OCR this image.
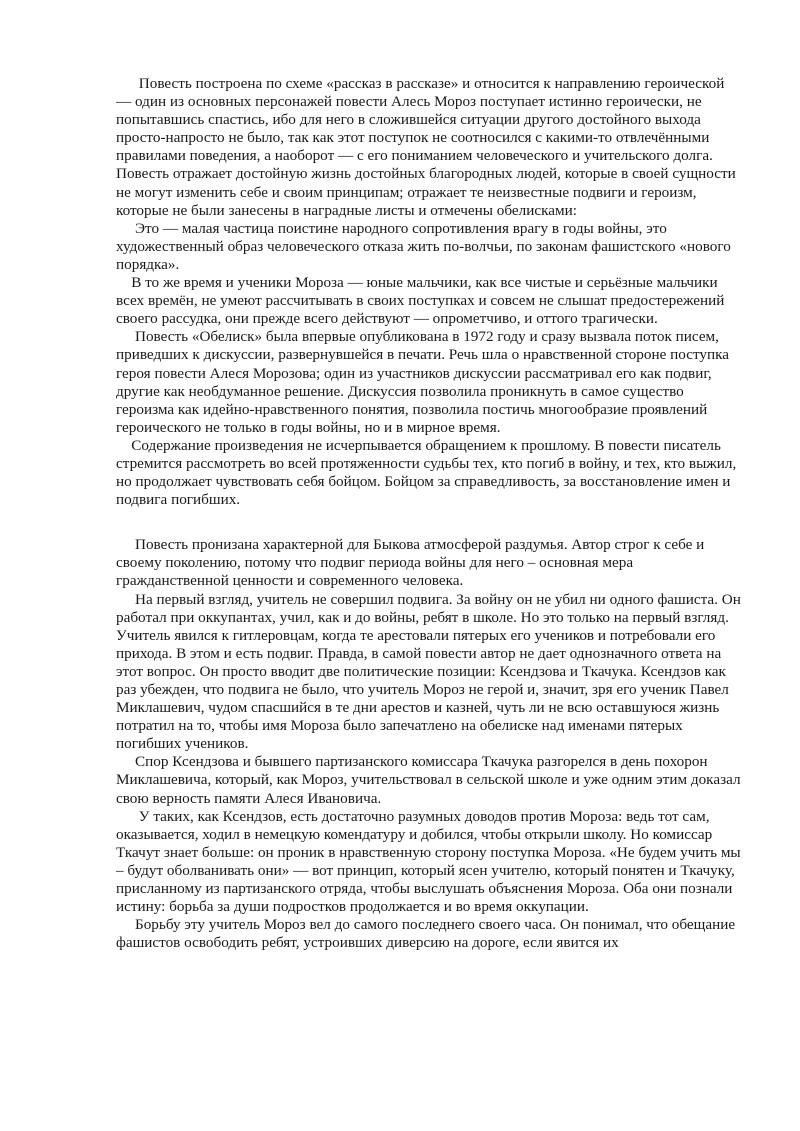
Повесть построена по схеме «рассказ в рассказе» и относится к направлению героической — один из основных персонажей повести Алесь Мороз поступает истинно героически, не попытавшись спастись, ибо для него в сложившейся ситуации другого достойного выхода просто-напросто не было, так как этот поступок не соотносился с какими-то отвлечёнными правилами поведения, а наоборот — с его пониманием человеческого и учительского долга. Повесть отражает достойную жизнь достойных благородных людей, которые в своей сущности не могут изменить себе и своим принципам; отражает те неизвестные подвиги и героизм, которые не были занесены в наградные листы и отмечены обелисками:

Это — малая частица поистине народного сопротивления врагу в годы войны, это художественный образ человеческого отказа жить по-волчьи, по законам фашистского «нового порядка».

В то же время и ученики Мороза — юные мальчики, как все чистые и серьёзные мальчики всех времён, не умеют рассчитывать в своих поступках и совсем не слышат предостережений своего рассудка, они прежде всего действуют — опрометчиво, и оттого трагически.

Повесть «Обелиск» была впервые опубликована в 1972 году и сразу вызвала поток писем, приведших к дискуссии, развернувшейся в печати. Речь шла о нравственной стороне поступка героя повести Алеся Морозова; один из участников дискуссии рассматривал его как подвиг, другие как необдуманное решение. Дискуссия позволила проникнуть в самое существо героизма как идейно-нравственного понятия, позволила постичь многообразие проявлений героического не только в годы войны, но и в мирное время.

Содержание произведения не исчерпывается обращением к прошлому. В повести писатель стремится рассмотреть во всей протяженности судьбы тех, кто погиб в войну, и тех, кто выжил, но продолжает чувствовать себя бойцом. Бойцом за справедливость, за восстановление имен и подвига погибших.

Повесть пронизана характерной для Быкова атмосферой раздумья. Автор строг к себе и своему поколению, потому что подвиг периода войны для него – основная мера гражданственной ценности и современного человека.

На первый взгляд, учитель не совершил подвига. За войну он не убил ни одного фашиста. Он работал при оккупантах, учил, как и до войны, ребят в школе. Но это только на первый взгляд. Учитель явился к гитлеровцам, когда те арестовали пятерых его учеников и потребовали его прихода. В этом и есть подвиг. Правда, в самой повести автор не дает однозначного ответа на этот вопрос. Он просто вводит две политические позиции: Ксендзова и Ткачука. Ксендзов как раз убежден, что подвига не было, что учитель Мороз не герой и, значит, зря его ученик Павел Миклашевич, чудом спасшийся в те дни арестов и казней, чуть ли не всю оставшуюся жизнь потратил на то, чтобы имя Мороза было запечатлено на обелиске над именами пятерых погибших учеников.

Спор Ксендзова и бывшего партизанского комиссара Ткачука разгорелся в день похорон Миклашевича, который, как Мороз, учительствовал в сельской школе и уже одним этим доказал свою верность памяти Алеся Ивановича.

У таких, как Ксендзов, есть достаточно разумных доводов против Мороза: ведь тот сам, оказывается, ходил в немецкую комендатуру и добился, чтобы открыли школу. Но комиссар Ткачут знает больше: он проник в нравственную сторону поступка Мороза. «Не будем учить мы – будут оболванивать они» — вот принцип, который ясен учителю, который понятен и Ткачуку, присланному из партизанского отряда, чтобы выслушать объяснения Мороза. Оба они познали истину: борьба за души подростков продолжается и во время оккупации.

Борьбу эту учитель Мороз вел до самого последнего своего часа. Он понимал, что обещание фашистов освободить ребят, устроивших диверсию на дороге, если явится их
